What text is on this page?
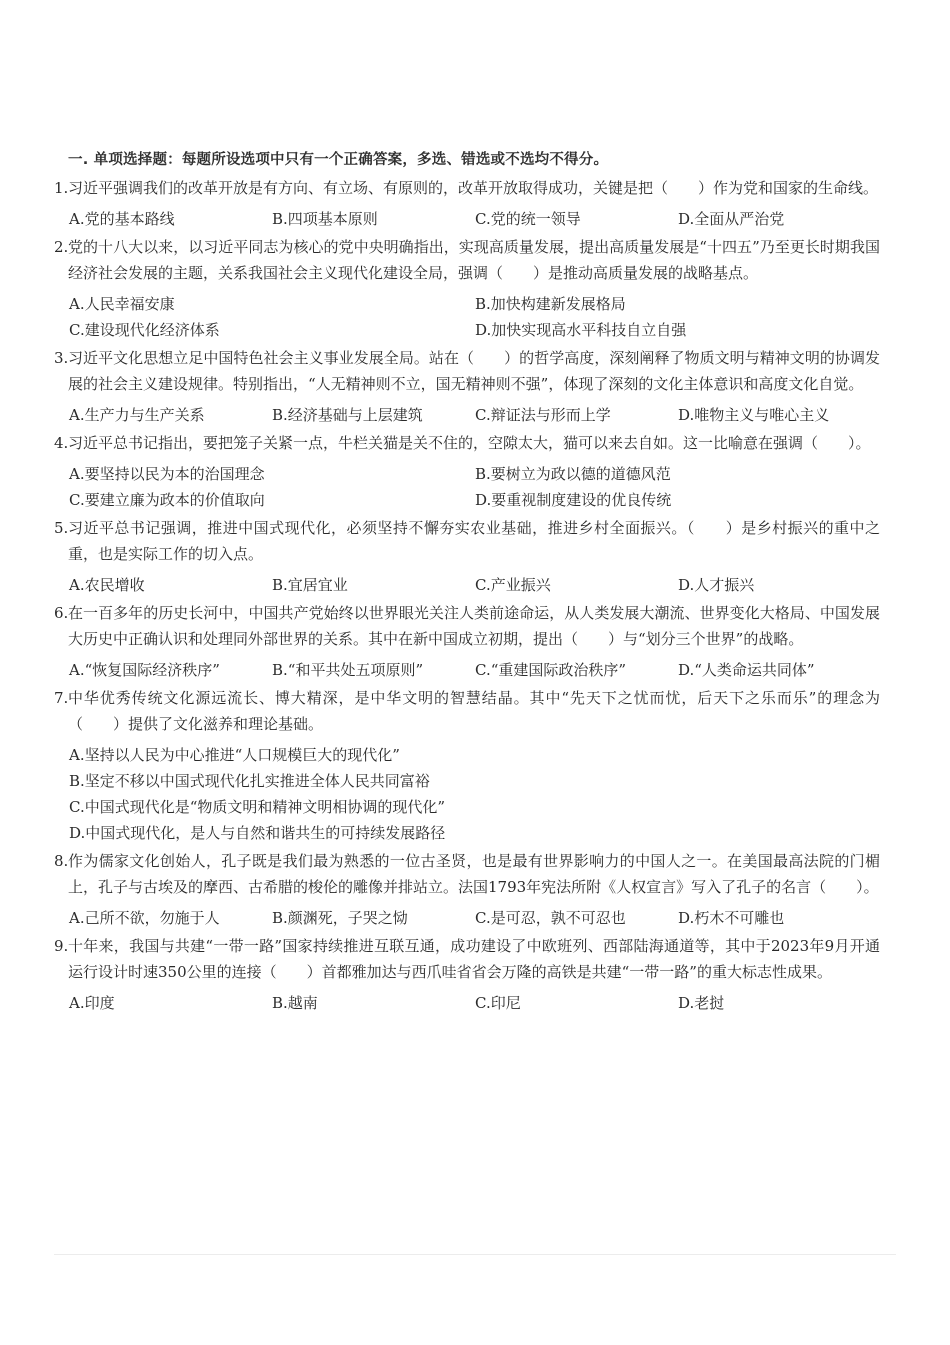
一. 单项选择题：每题所设选项中只有一个正确答案，多选、错选或不选均不得分。
1. 习近平强调我们的改革开放是有方向、有立场、有原则的，改革开放取得成功，关键是把（　　）作为党和国家的生命线。
A.党的基本路线	B.四项基本原则	C.党的统一领导	D.全面从严治党
2. 党的十八大以来，以习近平同志为核心的党中央明确指出，实现高质量发展，提出高质量发展是“十四五”乃至更长时期我国经济社会发展的主题，关系我国社会主义现代化建设全局，强调（　　）是推动高质量发展的战略基点。
A.人民幸福安康	B.加快构建新发展格局
C.建设现代化经济体系	D.加快实现高水平科技自立自强
3. 习近平文化思想立足中国特色社会主义事业发展全局。站在（　　）的哲学高度，深刻阐释了物质文明与精神文明的协调发展的社会主义建设规律。特别指出，“人无精神则不立，国无精神则不强”，体现了深刻的文化主体意识和高度文化自觉。
A.生产力与生产关系	B.经济基础与上层建筑	C.辩证法与形而上学	D.唯物主义与唯心主义
4. 习近平总书记指出，要把笼子关紧一点，牛栏关猫是关不住的，空隙太大，猫可以来去自如。这一比喻意在强调（　　）。
A.要坚持以民为本的治国理念	B.要树立为政以德的道德风范
C.要建立廉为政本的价值取向	D.要重视制度建设的优良传统
5. 习近平总书记强调，推进中国式现代化，必须坚持不懈夯实农业基础，推进乡村全面振兴。（　　）是乡村振兴的重中之重，也是实际工作的切入点。
A.农民增收	B.宜居宜业	C.产业振兴	D.人才振兴
6. 在一百多年的历史长河中，中国共产党始终以世界眼光关注人类前途命运，从人类发展大潮流、世界变化大格局、中国发展大历史中正确认识和处理同外部世界的关系。其中在新中国成立初期，提出（　　）与“划分三个世界”的战略。
A.“恢复国际经济秩序”	B.“和平共处五项原则”	C.“重建国际政治秩序”	D.“人类命运共同体”
7. 中华优秀传统文化源远流长、博大精深，是中华文明的智慧结晶。其中“先天下之忧而忧，后天下之乐而乐”的理念为（　　）提供了文化滋养和理论基础。
A.坚持以人民为中心推进“人口规模巨大的现代化”
B.坚定不移以中国式现代化扎实推进全体人民共同富裕
C.中国式现代化是“物质文明和精神文明相协调的现代化”
D.中国式现代化，是人与自然和谐共生的可持续发展路径
8. 作为儒家文化创始人，孔子既是我们最为熟悉的一位古圣贤，也是最有世界影响力的中国人之一。在美国最高法院的门楣上，孔子与古埃及的摩西、古希腊的梭伦的雕像并排站立。法国1793年宪法所附《人权宣言》写入了孔子的名言（　　）。
A.己所不欲，勿施于人	B.颜渊死，子哭之恸	C.是可忍，孰不可忍也	D.朽木不可雕也
9. 十年来，我国与共建“一带一路”国家持续推进互联互通，成功建设了中欧班列、西部陆海通道等，其中于2023年9月开通运行设计时速350公里的连接（　　）首都雅加达与西爪哇省省会万隆的高铁是共建“一带一路”的重大标志性成果。
A.印度	B.越南	C.印尼	D.老挝
